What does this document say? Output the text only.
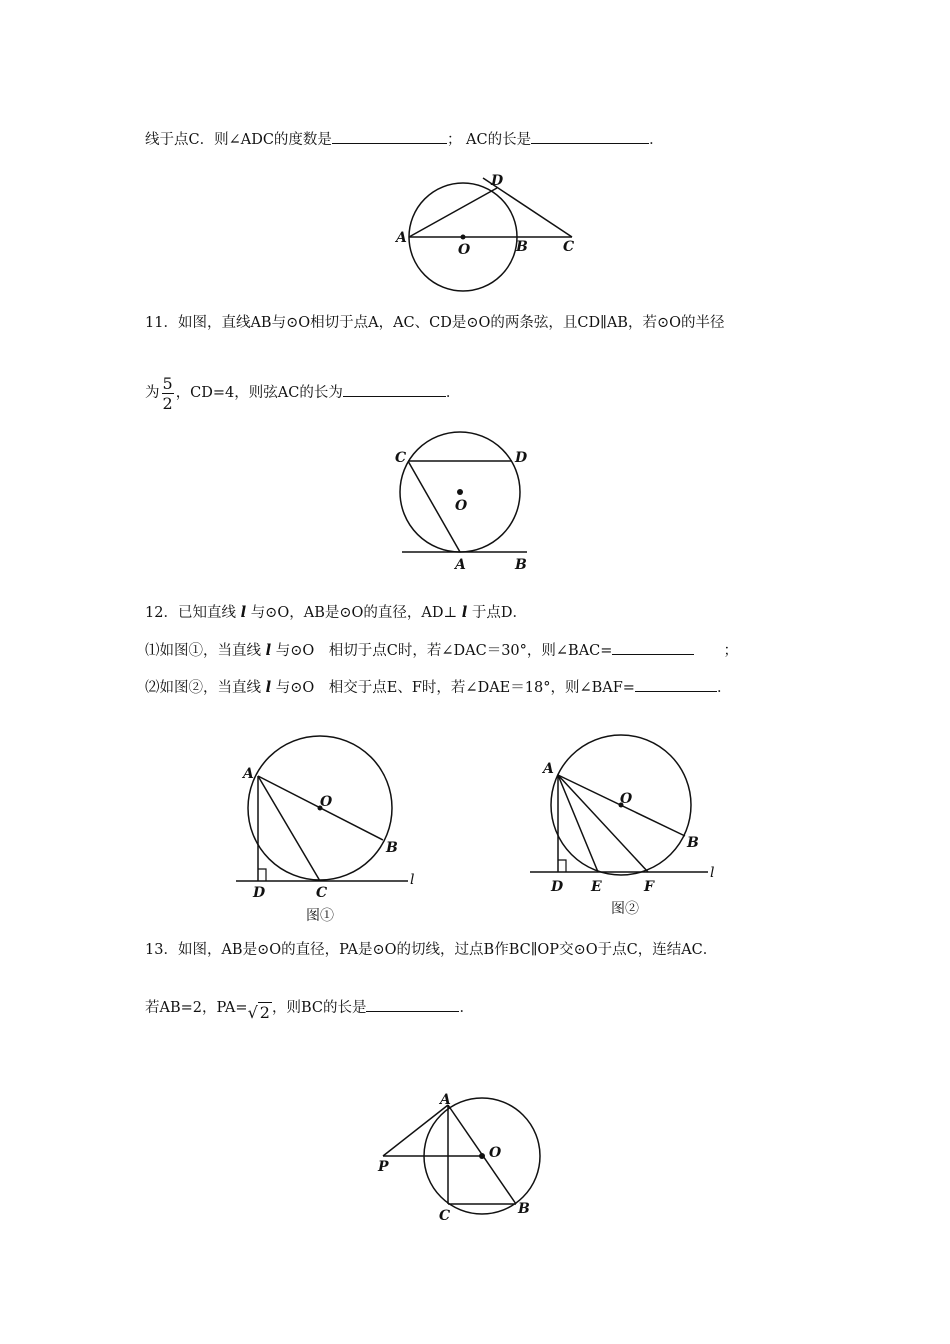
线于点C．则∠ADC的度数是	； AC的长是	．
A
D
O	B	C
11．如图，直线AB与⊙O相切于点A，AC、CD是⊙O的两条弦，且CD∥AB，若⊙O的半径
为 $\frac{5}{2}$ ，CD=4，则弦AC的长为	．
C	D
O
A	B
12．已知直线 l 与⊙O，AB是⊙O的直径，AD⊥ l 于点D．
⑴如图①，当直线 l 与⊙O　相切于点C时，若∠DAC＝30°，则∠BAC=　　	；
⑵如图②，当直线 l 与⊙O　相交于点E、F时，若∠DAE＝18°，则∠BAF=	．
A
O
B
D	C
l
图①
A
O
B
D E	F
l
图②
13．如图，AB是⊙O的直径，PA是⊙O的切线，过点B作BC∥OP交⊙O于点C，连结AC．
若AB=2，PA=√ 2 ，则BC的长是	．
A
O
P
C	B
